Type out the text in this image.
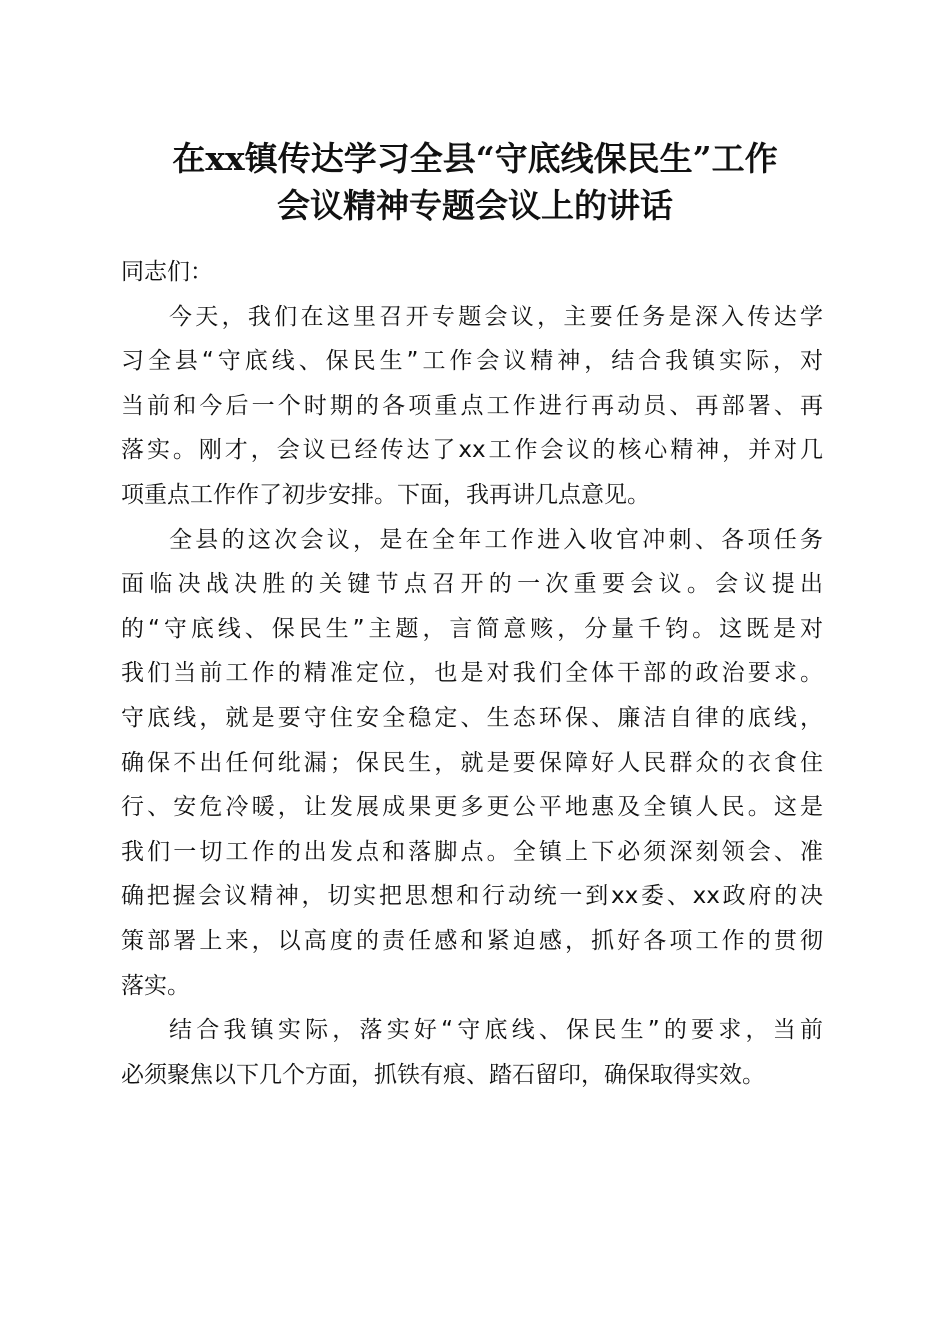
在xx镇传达学习全县“守底线保民生”工作
会议精神专题会议上的讲话
同志们：
今天，我们在这里召开专题会议，主要任务是深入传达学
习全县“守底线、保民生”工作会议精神，结合我镇实际，对
当前和今后一个时期的各项重点工作进行再动员、再部署、再
落实。刚才，会议已经传达了xx工作会议的核心精神，并对几
项重点工作作了初步安排。下面，我再讲几点意见。
全县的这次会议，是在全年工作进入收官冲刺、各项任务
面临决战决胜的关键节点召开的一次重要会议。会议提出
的“守底线、保民生”主题，言简意赅，分量千钧。这既是对
我们当前工作的精准定位，也是对我们全体干部的政治要求。
守底线，就是要守住安全稳定、生态环保、廉洁自律的底线，
确保不出任何纰漏；保民生，就是要保障好人民群众的衣食住
行、安危冷暖，让发展成果更多更公平地惠及全镇人民。这是
我们一切工作的出发点和落脚点。全镇上下必须深刻领会、准
确把握会议精神，切实把思想和行动统一到xx委、xx政府的决
策部署上来，以高度的责任感和紧迫感，抓好各项工作的贯彻
落实。
结合我镇实际，落实好“守底线、保民生”的要求，当前
必须聚焦以下几个方面，抓铁有痕、踏石留印，确保取得实效。
